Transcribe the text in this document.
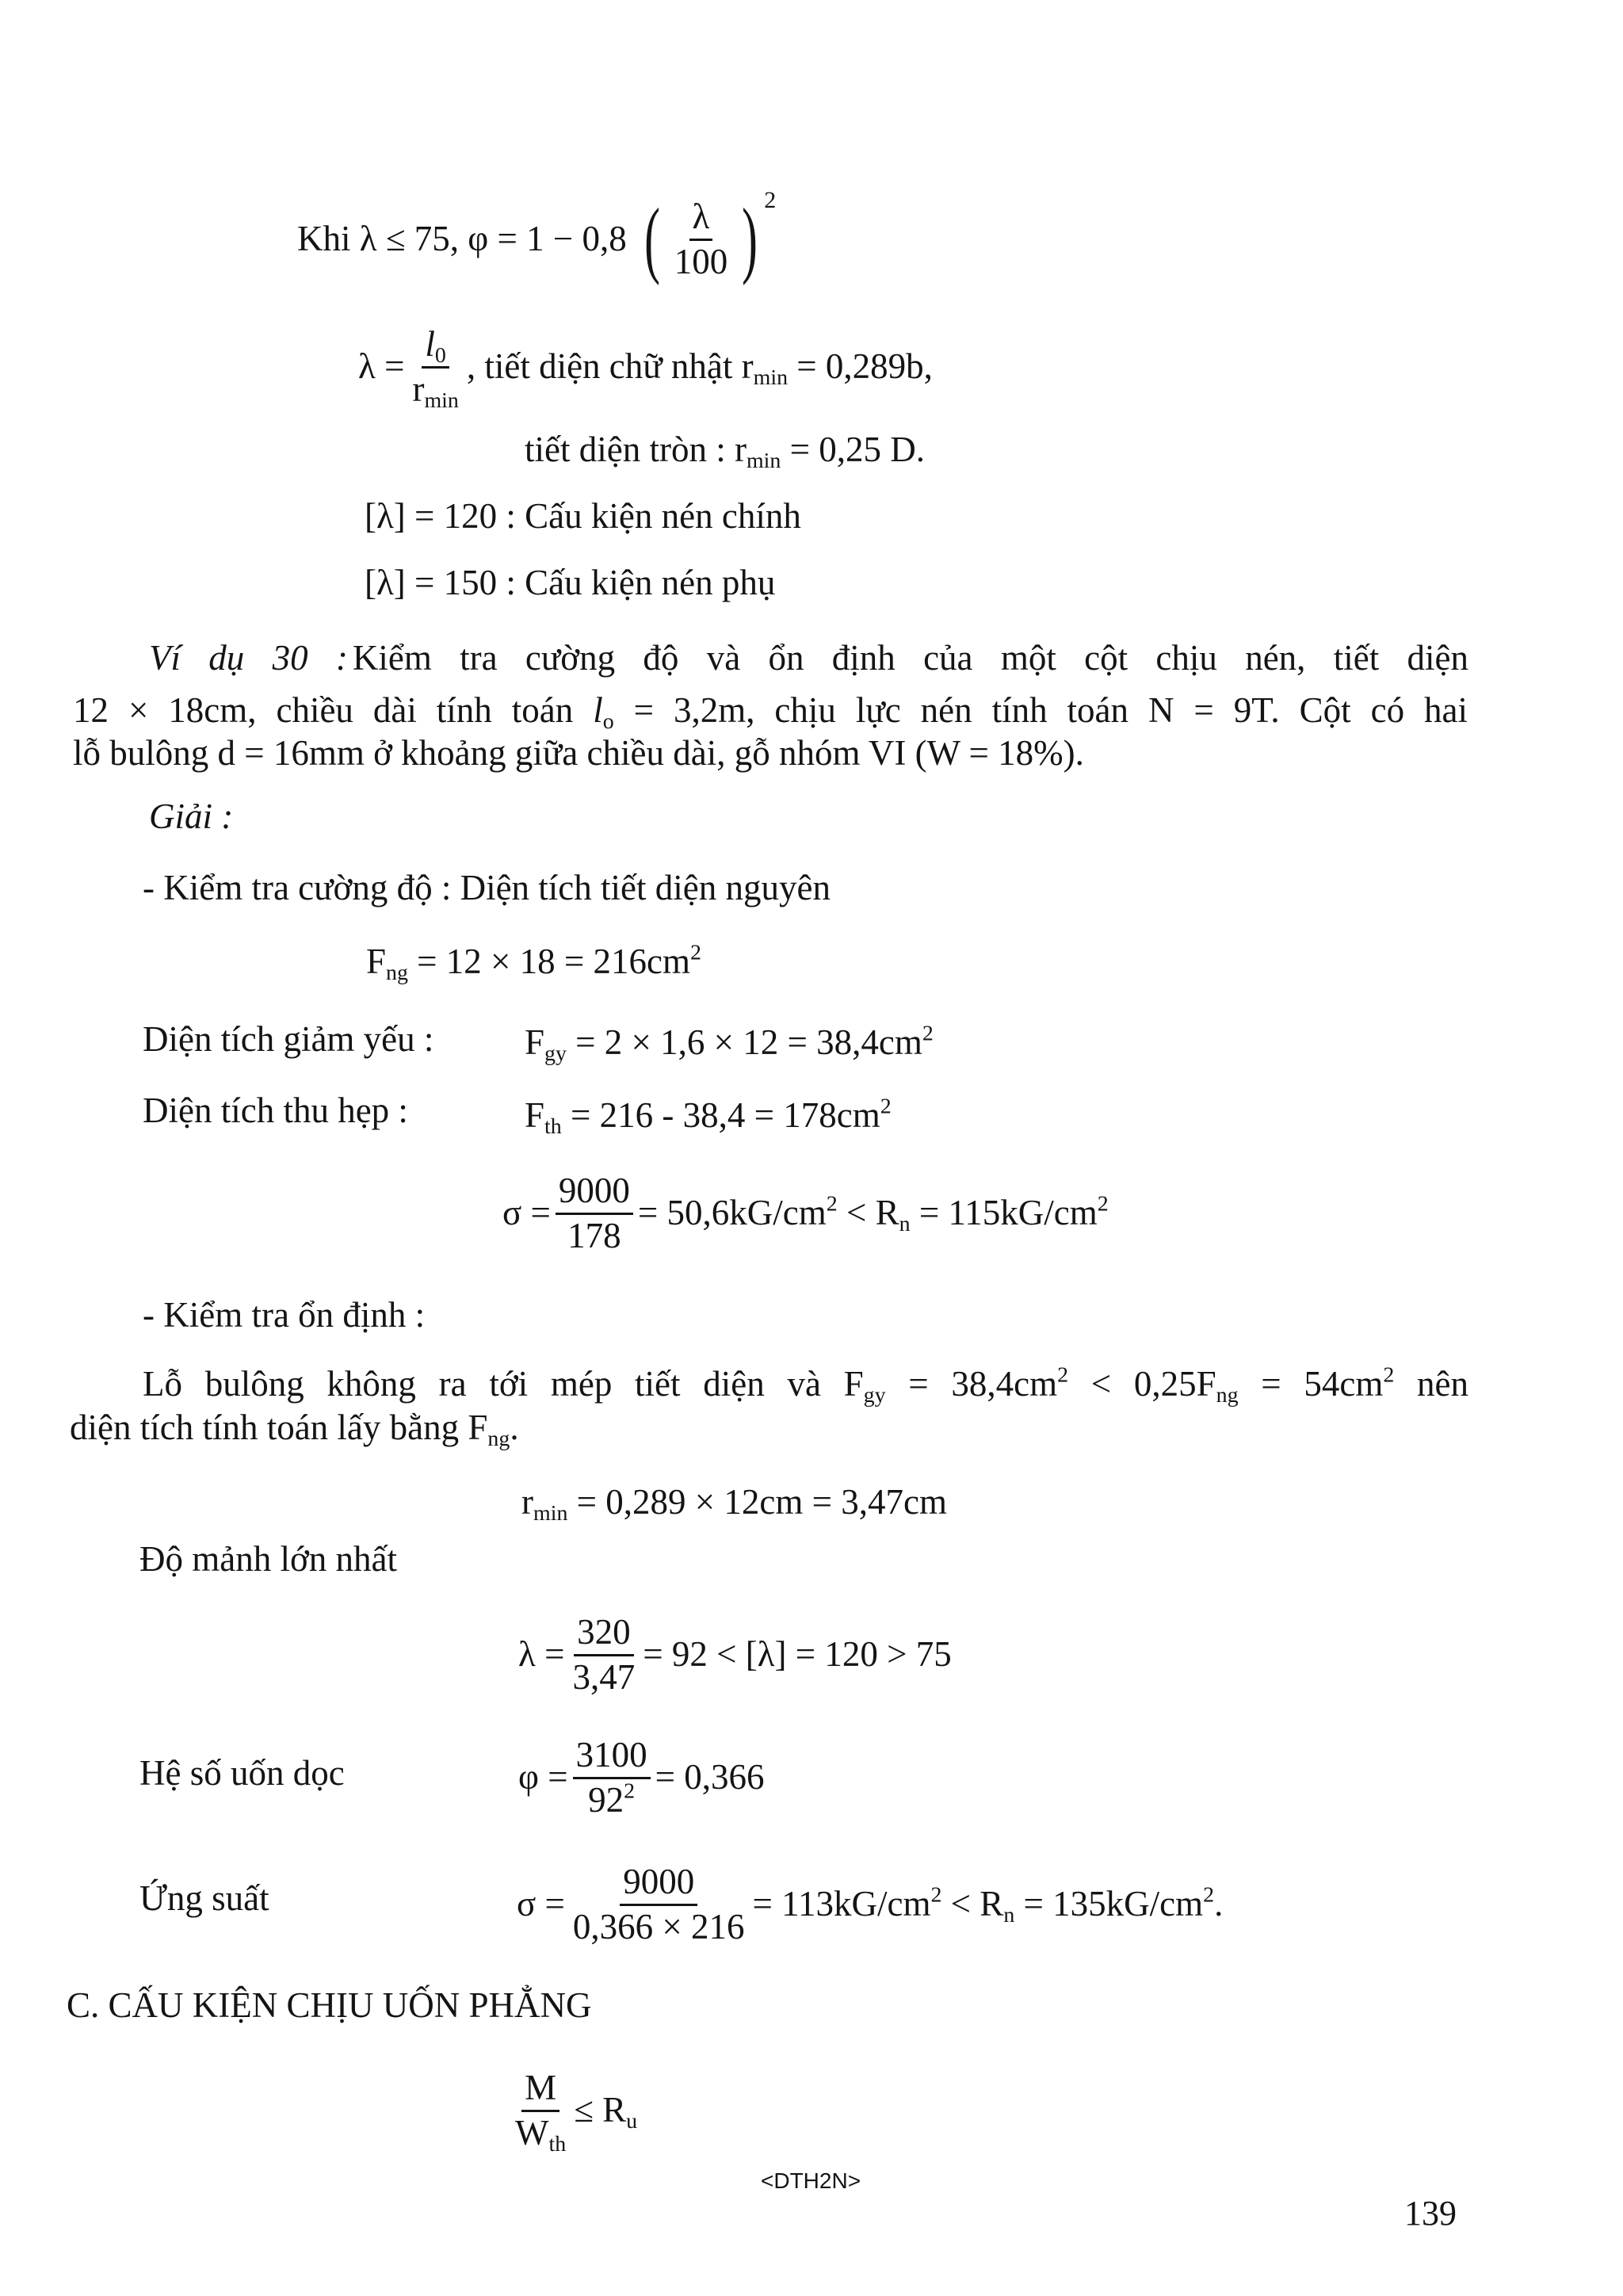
Khi λ ≤ 75, φ = 1 − 0,8 ( $\frac{\lambda}{100}$ ) 2
$\lambda = \frac{l_0}{r_{min}}$ , tiết diện chữ nhật $r_{min} = 0,289b$,
tiết diện tròn : $r_{min} = 0,25$ D.
[λ] = 120 : Cấu kiện nén chính
[λ] = 150 : Cấu kiện nén phụ
Ví dụ 30 : Kiểm tra cường độ và ổn định của một cột chịu nén, tiết diện
12 × 18cm, chiều dài tính toán $l_o = 3,2m$, chịu lực nén tính toán N = 9T. Cột có hai
lỗ bulông d = 16mm ở khoảng giữa chiều dài, gỗ nhóm VI (W = 18%).
Giải :
- Kiểm tra cường độ : Diện tích tiết diện nguyên
$F_{ng} = 12 \times 18 = 216cm^2$
Diện tích giảm yếu :	$F_{gy} = 2 \times 1,6 \times 12 = 38,4cm^2$
Diện tích thu hẹp :	$F_{th} = 216 - 38,4 = 178cm^2$
$\sigma = \frac{9000}{178} = 50,6kG/cm^2 < R_n = 115kG/cm^2$
- Kiểm tra ổn định :
Lỗ bulông không ra tới mép tiết diện và $F_{gy} = 38,4cm^2 < 0,25F_{ng} = 54cm^2$ nên
diện tích tính toán lấy bằng $F_{ng}$.
$r_{min} = 0,289 \times 12cm = 3,47cm$
Độ mảnh lớn nhất
$\lambda = \frac{320}{3,47} = 92 < [\lambda] = 120 > 75$
Hệ số uốn dọc	$\varphi = \frac{3100}{92^2} = 0,366$
Ứng suất	$\sigma = \frac{9000}{0,366 \times 216} = 113kG/cm^2 < R_n = 135kG/cm^2$.
C. CẤU KIỆN CHỊU UỐN PHẲNG
$\frac{M}{W_{th}} \le R_u$
<DTH2N>
139
